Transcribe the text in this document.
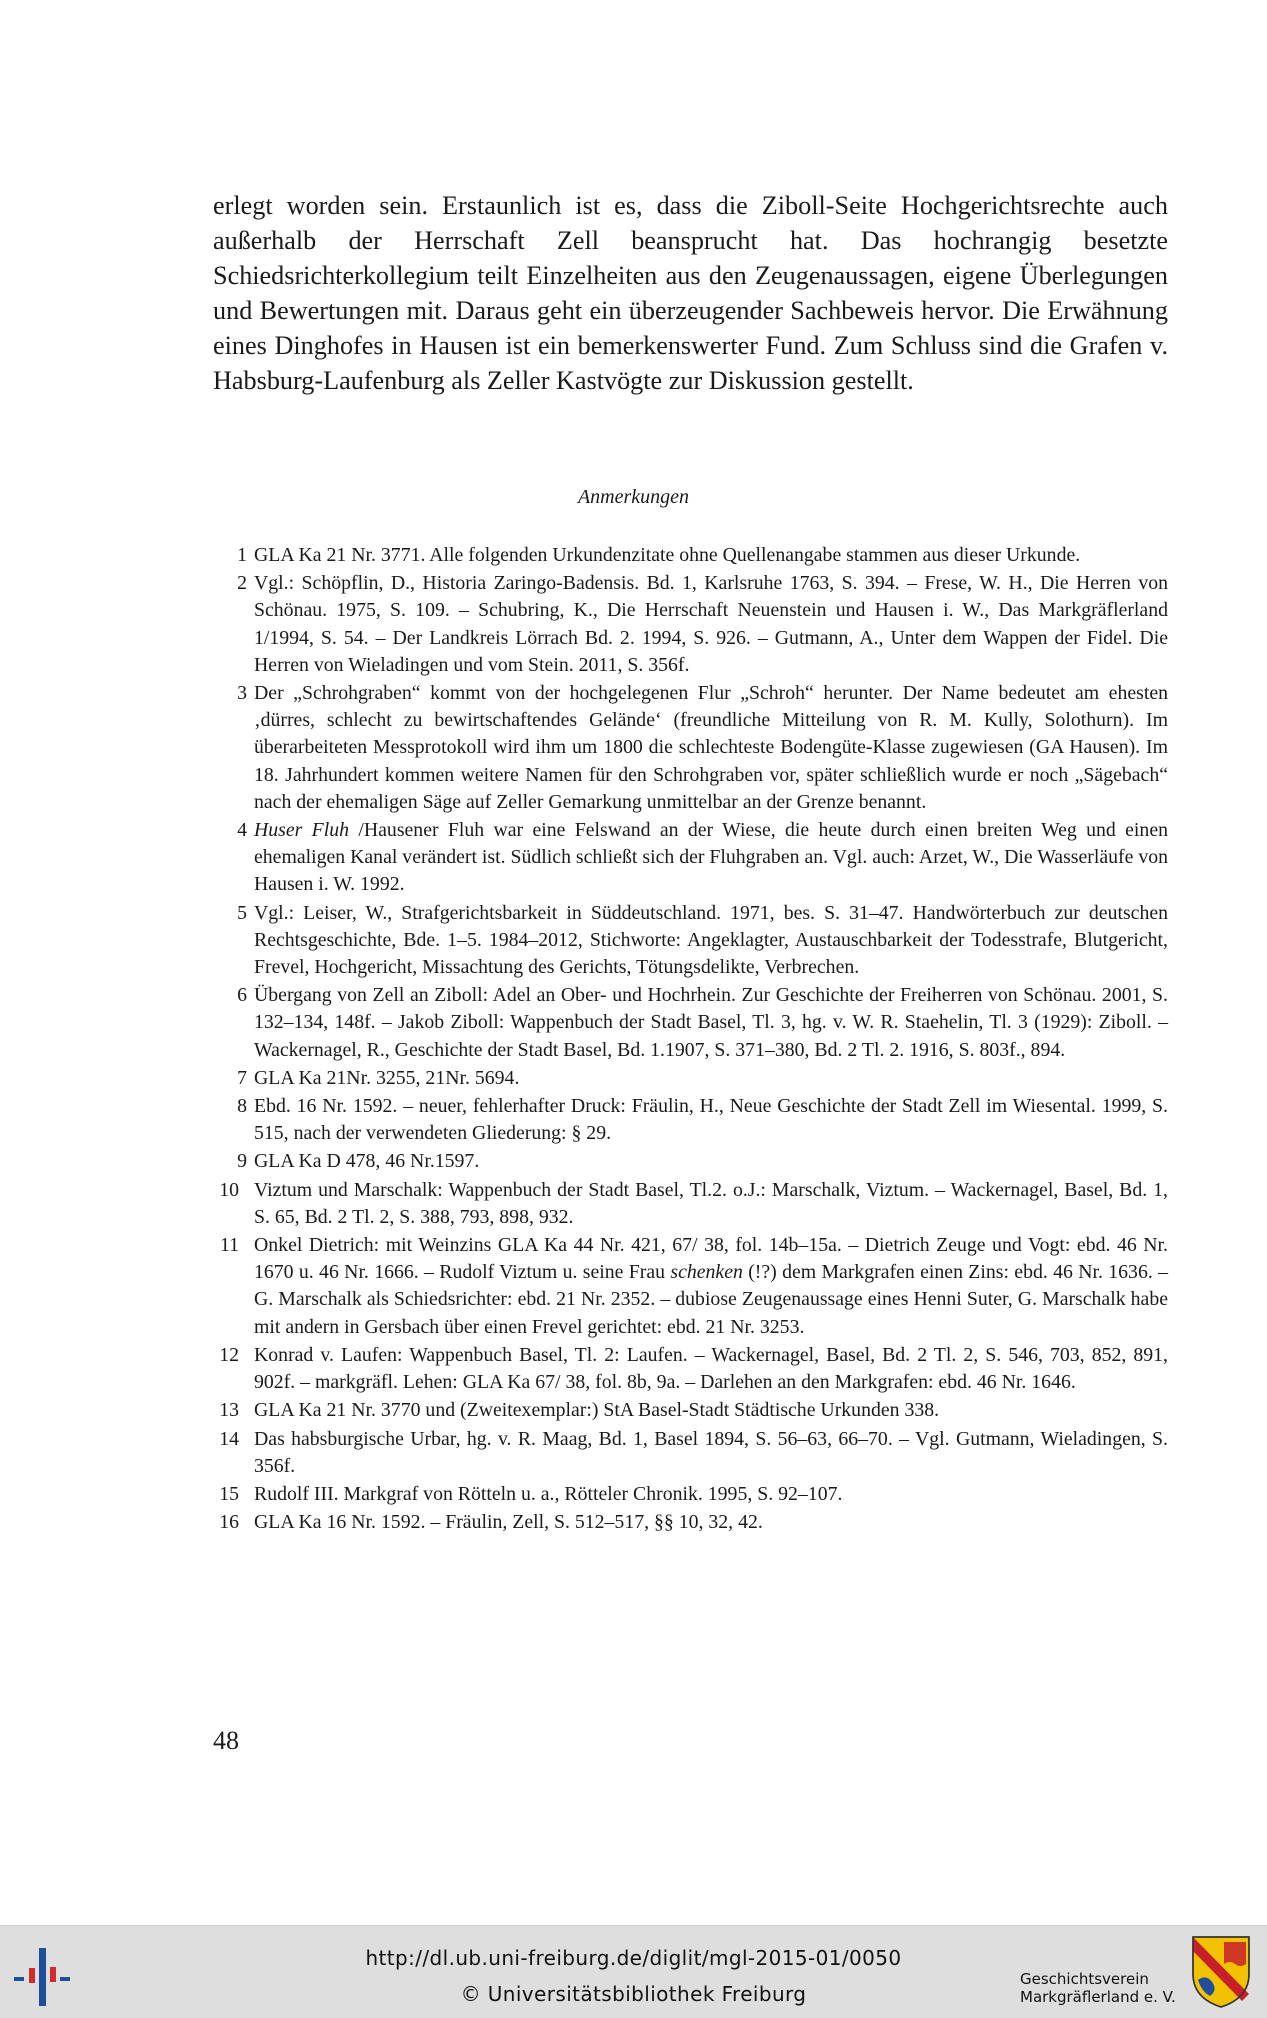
erlegt worden sein. Erstaunlich ist es, dass die Ziboll-Seite Hochgerichtsrechte auch außerhalb der Herrschaft Zell beansprucht hat. Das hochrangig besetzte Schiedsrichterkollegium teilt Einzelheiten aus den Zeugenaussagen, eigene Überlegungen und Bewertungen mit. Daraus geht ein überzeugender Sachbeweis hervor. Die Erwähnung eines Dinghofes in Hausen ist ein bemerkenswerter Fund. Zum Schluss sind die Grafen v. Habsburg-Laufenburg als Zeller Kastvögte zur Diskussion gestellt.

Anmerkungen

1 GLA Ka 21 Nr. 3771. Alle folgenden Urkundenzitate ohne Quellenangabe stammen aus dieser Urkunde.
2 Vgl.: Schöpflin, D., Historia Zaringo-Badensis. Bd. 1, Karlsruhe 1763, S. 394. – Frese, W. H., Die Herren von Schönau. 1975, S. 109. – Schubring, K., Die Herrschaft Neuenstein und Hausen i. W., Das Markgräflerland 1/1994, S. 54. – Der Landkreis Lörrach Bd. 2. 1994, S. 926. – Gutmann, A., Unter dem Wappen der Fidel. Die Herren von Wieladingen und vom Stein. 2011, S. 356f.
3 Der „Schrohgraben“ kommt von der hochgelegenen Flur „Schroh“ herunter. Der Name bedeutet am ehesten ‚dürres, schlecht zu bewirtschaftendes Gelände‘ (freundliche Mitteilung von R. M. Kully, Solothurn). Im überarbeiteten Messprotokoll wird ihm um 1800 die schlechteste Bodengüte-Klasse zugewiesen (GA Hausen). Im 18. Jahrhundert kommen weitere Namen für den Schrohgraben vor, später schließlich wurde er noch „Sägebach“ nach der ehemaligen Säge auf Zeller Gemarkung unmittelbar an der Grenze benannt.
4 Huser Fluh /Hausener Fluh war eine Felswand an der Wiese, die heute durch einen breiten Weg und einen ehemaligen Kanal verändert ist. Südlich schließt sich der Fluhgraben an. Vgl. auch: Arzet, W., Die Wasserläufe von Hausen i. W. 1992.
5 Vgl.: Leiser, W., Strafgerichtsbarkeit in Süddeutschland. 1971, bes. S. 31–47. Handwörterbuch zur deutschen Rechtsgeschichte, Bde. 1–5. 1984–2012, Stichworte: Angeklagter, Austauschbarkeit der Todesstrafe, Blutgericht, Frevel, Hochgericht, Missachtung des Gerichts, Tötungsdelikte, Verbrechen.
6 Übergang von Zell an Ziboll: Adel an Ober- und Hochrhein. Zur Geschichte der Freiherren von Schönau. 2001, S. 132–134, 148f. – Jakob Ziboll: Wappenbuch der Stadt Basel, Tl. 3, hg. v. W. R. Staehelin, Tl. 3 (1929): Ziboll. – Wackernagel, R., Geschichte der Stadt Basel, Bd. 1.1907, S. 371–380, Bd. 2 Tl. 2. 1916, S. 803f., 894.
7 GLA Ka 21Nr. 3255, 21Nr. 5694.
8 Ebd. 16 Nr. 1592. – neuer, fehlerhafter Druck: Fräulin, H., Neue Geschichte der Stadt Zell im Wiesental. 1999, S. 515, nach der verwendeten Gliederung: § 29.
9 GLA Ka D 478, 46 Nr.1597.
10 Viztum und Marschalk: Wappenbuch der Stadt Basel, Tl.2. o.J.: Marschalk, Viztum. – Wackernagel, Basel, Bd. 1, S. 65, Bd. 2 Tl. 2, S. 388, 793, 898, 932.
11 Onkel Dietrich: mit Weinzins GLA Ka 44 Nr. 421, 67/ 38, fol. 14b–15a. – Dietrich Zeuge und Vogt: ebd. 46 Nr. 1670 u. 46 Nr. 1666. – Rudolf Viztum u. seine Frau schenken (!?) dem Markgrafen einen Zins: ebd. 46 Nr. 1636. – G. Marschalk als Schiedsrichter: ebd. 21 Nr. 2352. – dubiose Zeugenaussage eines Henni Suter, G. Marschalk habe mit andern in Gersbach über einen Frevel gerichtet: ebd. 21 Nr. 3253.
12 Konrad v. Laufen: Wappenbuch Basel, Tl. 2: Laufen. – Wackernagel, Basel, Bd. 2 Tl. 2, S. 546, 703, 852, 891, 902f. – markgräfl. Lehen: GLA Ka 67/ 38, fol. 8b, 9a. – Darlehen an den Markgrafen: ebd. 46 Nr. 1646.
13 GLA Ka 21 Nr. 3770 und (Zweitexemplar:) StA Basel-Stadt Städtische Urkunden 338.
14 Das habsburgische Urbar, hg. v. R. Maag, Bd. 1, Basel 1894, S. 56–63, 66–70. – Vgl. Gutmann, Wieladingen, S. 356f.
15 Rudolf III. Markgraf von Rötteln u. a., Rötteler Chronik. 1995, S. 92–107.
16 GLA Ka 16 Nr. 1592. – Fräulin, Zell, S. 512–517, §§ 10, 32, 42.
48
http://dl.ub.uni-freiburg.de/diglit/mgl-2015-01/0050
© Universitätsbibliothek Freiburg
Geschichtsverein
Markgräflerland e. V.
